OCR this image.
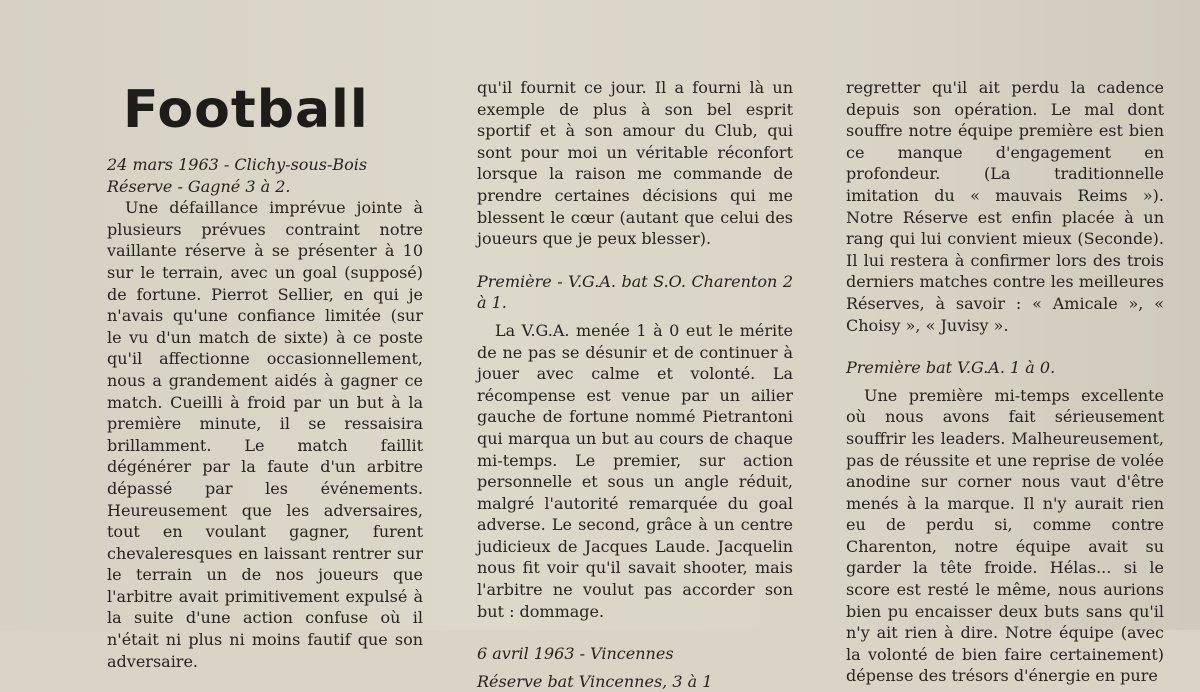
Football

24 mars 1963 - Clichy-sous-Bois

Réserve - Gagné 3 à 2.

Une défaillance imprévue jointe à plusieurs prévues contraint notre vaillante réserve à se présenter à 10 sur le terrain, avec un goal (supposé) de fortune. Pierrot Sellier, en qui je n'avais qu'une confiance limitée (sur le vu d'un match de sixte) à ce poste qu'il affectionne occasionnellement, nous a grandement aidés à gagner ce match. Cueilli à froid par un but à la première minute, il se ressaisira brillamment. Le match faillit dégénérer par la faute d'un arbitre dépassé par les événements. Heureusement que les adversaires, tout en voulant gagner, furent chevaleresques en laissant rentrer sur le terrain un de nos joueurs que l'arbitre avait primitivement expulsé à la suite d'une action confuse où il n'était ni plus ni moins fautif que son adversaire.

qu'il fournit ce jour. Il a fourni là un exemple de plus à son bel esprit sportif et à son amour du Club, qui sont pour moi un véritable réconfort lorsque la raison me commande de prendre certaines décisions qui me blessent le cœur (autant que celui des joueurs que je peux blesser).

Première - V.G.A. bat S.O. Charenton 2 à 1.

La V.G.A. menée 1 à 0 eut le mérite de ne pas se désunir et de continuer à jouer avec calme et volonté. La récompense est venue par un ailier gauche de fortune nommé Pietrantoni qui marqua un but au cours de chaque mi-temps. Le premier, sur action personnelle et sous un angle réduit, malgré l'autorité remarquée du goal adverse. Le second, grâce à un centre judicieux de Jacques Laude. Jacquelin nous fit voir qu'il savait shooter, mais l'arbitre ne voulut pas accorder son but : dommage.

6 avril 1963 - Vincennes

Réserve bat Vincennes, 3 à 1

regretter qu'il ait perdu la cadence depuis son opération. Le mal dont souffre notre équipe première est bien ce manque d'engagement en profondeur. (La traditionnelle imitation du « mauvais Reims »). Notre Réserve est enfin placée à un rang qui lui convient mieux (Seconde). Il lui restera à confirmer lors des trois derniers matches contre les meilleures Réserves, à savoir : « Amicale », « Choisy », « Juvisy ».

Première bat V.G.A. 1 à 0.

Une première mi-temps excellente où nous avons fait sérieusement souffrir les leaders. Malheureusement, pas de réussite et une reprise de volée anodine sur corner nous vaut d'être menés à la marque. Il n'y aurait rien eu de perdu si, comme contre Charenton, notre équipe avait su garder la tête froide. Hélas... si le score est resté le même, nous aurions bien pu encaisser deux buts sans qu'il n'y ait rien à dire. Notre équipe (avec la volonté de bien faire certainement) dépense des trésors d'énergie en pure
